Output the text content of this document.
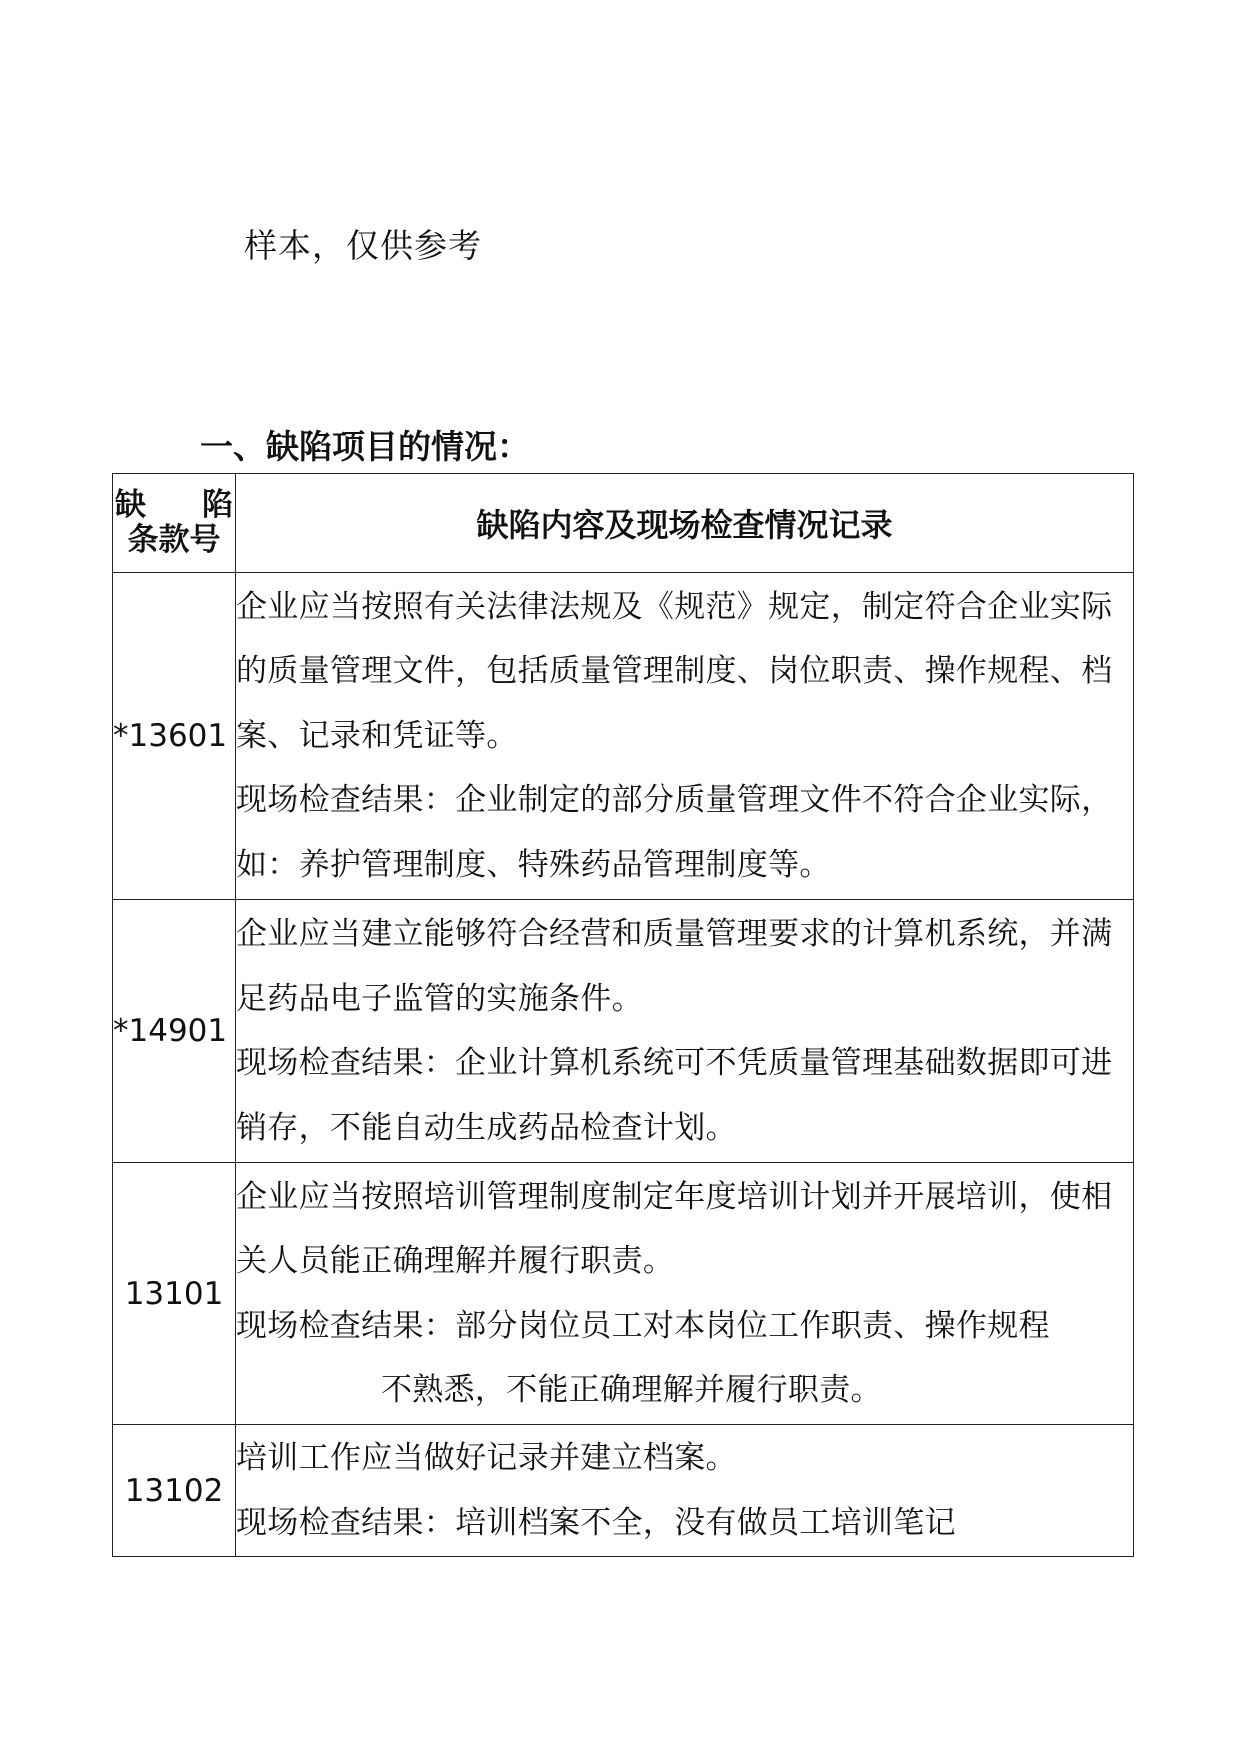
样本，仅供参考
一、缺陷项目的情况：
缺 陷
条款号	缺陷内容及现场检查情况记录
*13601	企业应当按照有关法律法规及《规范》规定，制定符合企业实际的质量管理文件，包括质量管理制度、岗位职责、操作规程、档案、记录和凭证等。
现场检查结果：企业制定的部分质量管理文件不符合企业实际，如：养护管理制度、特殊药品管理制度等。

*14901	企业应当建立能够符合经营和质量管理要求的计算机系统，并满足药品电子监管的实施条件。
现场检查结果：企业计算机系统可不凭质量管理基础数据即可进销存，不能自动生成药品检查计划。

13101	企业应当按照培训管理制度制定年度培训计划并开展培训，使相关人员能正确理解并履行职责。
现场检查结果：部分岗位员工对本岗位工作职责、操作规程
不熟悉，不能正确理解并履行职责。

13102	培训工作应当做好记录并建立档案。
现场检查结果：培训档案不全，没有做员工培训笔记
